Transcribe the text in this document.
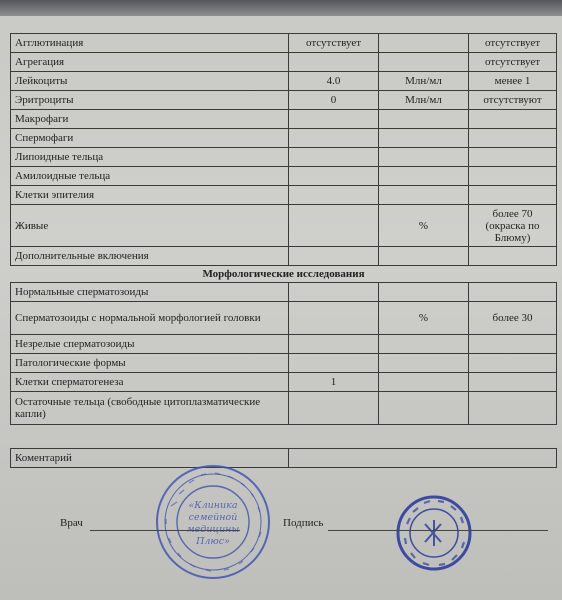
Агглютинация	отсутствует		отсутствует
Агрегация			отсутствует
Лейкоциты	4.0	Млн/мл	менее 1
Эритроциты	0	Млн/мл	отсутствуют
Макрофаги			
Спермофаги			
Липоидные тельца			
Амилоидные тельца			
Клетки эпителия			
Живые		%	более 70 (окраска по Блюму)
Дополнительные включения			
Морфологические исследования			
Нормальные сперматозоиды			
Сперматозоиды с нормальной морфологией головки		%	более 30
Незрелые сперматозоиды			
Патологические формы			
Клетки сперматогенеза	1		
Остаточные тельца (свободные цитоплазматические капли)			
Коментарий	
«Клиника
семейной
медицины
Плюс»
Врач	Подпись
